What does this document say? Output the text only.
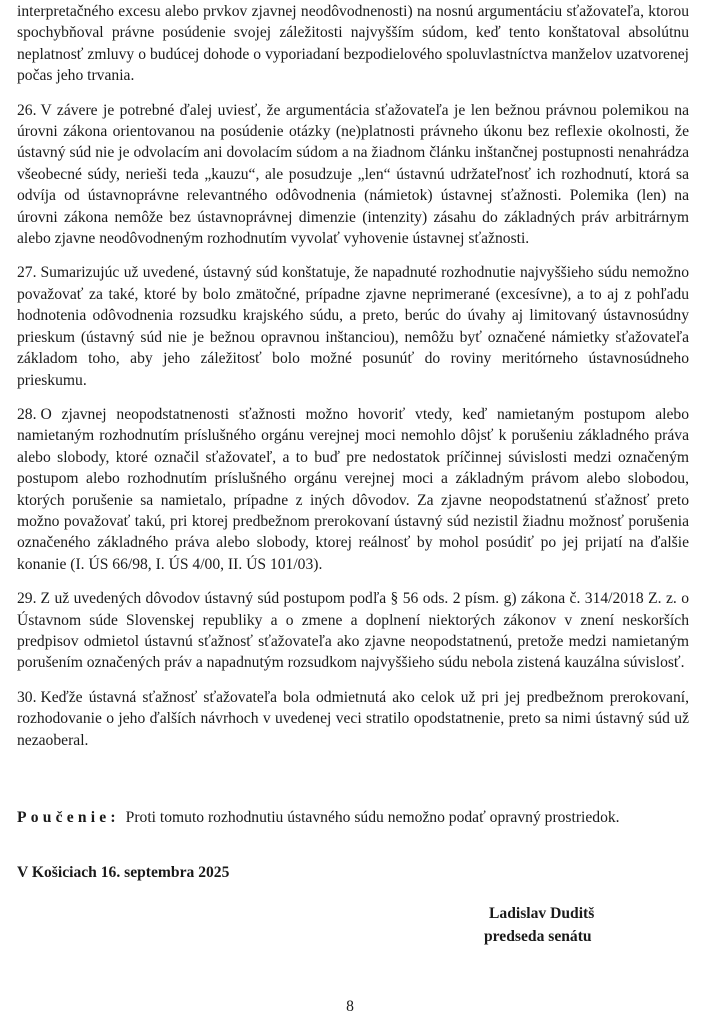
interpretačného excesu alebo prvkov zjavnej neodôvodnenosti) na nosnú argumentáciu sťažovateľa, ktorou spochybňoval právne posúdenie svojej záležitosti najvyšším súdom, keď tento konštatoval absolútnu neplatnosť zmluvy o budúcej dohode o vyporiadaní bezpodielového spoluvlastníctva manželov uzatvorenej počas jeho trvania.

26. V závere je potrebné ďalej uviesť, že argumentácia sťažovateľa je len bežnou právnou polemikou na úrovni zákona orientovanou na posúdenie otázky (ne)platnosti právneho úkonu bez reflexie okolnosti, že ústavný súd nie je odvolacím ani dovolacím súdom a na žiadnom článku inštančnej postupnosti nenahrádza všeobecné súdy, nerieši teda „kauzu“, ale posudzuje „len“ ústavnú udržateľnosť ich rozhodnutí, ktorá sa odvíja od ústavnoprávne relevantného odôvodnenia (námietok) ústavnej sťažnosti. Polemika (len) na úrovni zákona nemôže bez ústavnoprávnej dimenzie (intenzity) zásahu do základných práv arbitrárnym alebo zjavne neodôvodneným rozhodnutím vyvolať vyhovenie ústavnej sťažnosti.

27. Sumarizujúc už uvedené, ústavný súd konštatuje, že napadnuté rozhodnutie najvyššieho súdu nemožno považovať za také, ktoré by bolo zmätočné, prípadne zjavne neprimerané (excesívne), a to aj z pohľadu hodnotenia odôvodnenia rozsudku krajského súdu, a preto, berúc do úvahy aj limitovaný ústavnosúdny prieskum (ústavný súd nie je bežnou opravnou inštanciou), nemôžu byť označené námietky sťažovateľa základom toho, aby jeho záležitosť bolo možné posunúť do roviny meritórneho ústavnosúdneho prieskumu.

28. O zjavnej neopodstatnenosti sťažnosti možno hovoriť vtedy, keď namietaným postupom alebo namietaným rozhodnutím príslušného orgánu verejnej moci nemohlo dôjsť k porušeniu základného práva alebo slobody, ktoré označil sťažovateľ, a to buď pre nedostatok príčinnej súvislosti medzi označeným postupom alebo rozhodnutím príslušného orgánu verejnej moci a základným právom alebo slobodou, ktorých porušenie sa namietalo, prípadne z iných dôvodov. Za zjavne neopodstatnenú sťažnosť preto možno považovať takú, pri ktorej predbežnom prerokovaní ústavný súd nezistil žiadnu možnosť porušenia označeného základného práva alebo slobody, ktorej reálnosť by mohol posúdiť po jej prijatí na ďalšie konanie (I. ÚS 66/98, I. ÚS 4/00, II. ÚS 101/03).

29. Z už uvedených dôvodov ústavný súd postupom podľa § 56 ods. 2 písm. g) zákona č. 314/2018 Z. z. o Ústavnom súde Slovenskej republiky a o zmene a doplnení niektorých zákonov v znení neskorších predpisov odmietol ústavnú sťažnosť sťažovateľa ako zjavne neopodstatnenú, pretože medzi namietaným porušením označených práv a napadnutým rozsudkom najvyššieho súdu nebola zistená kauzálna súvislosť.

30. Keďže ústavná sťažnosť sťažovateľa bola odmietnutá ako celok už pri jej predbežnom prerokovaní, rozhodovanie o jeho ďalších návrhoch v uvedenej veci stratilo opodstatnenie, preto sa nimi ústavný súd už nezaoberal.

Poučenie: Proti tomuto rozhodnutiu ústavného súdu nemožno podať opravný prostriedok.
V Košiciach 16. septembra 2025
Ladislav Duditš
predseda senátu
8
